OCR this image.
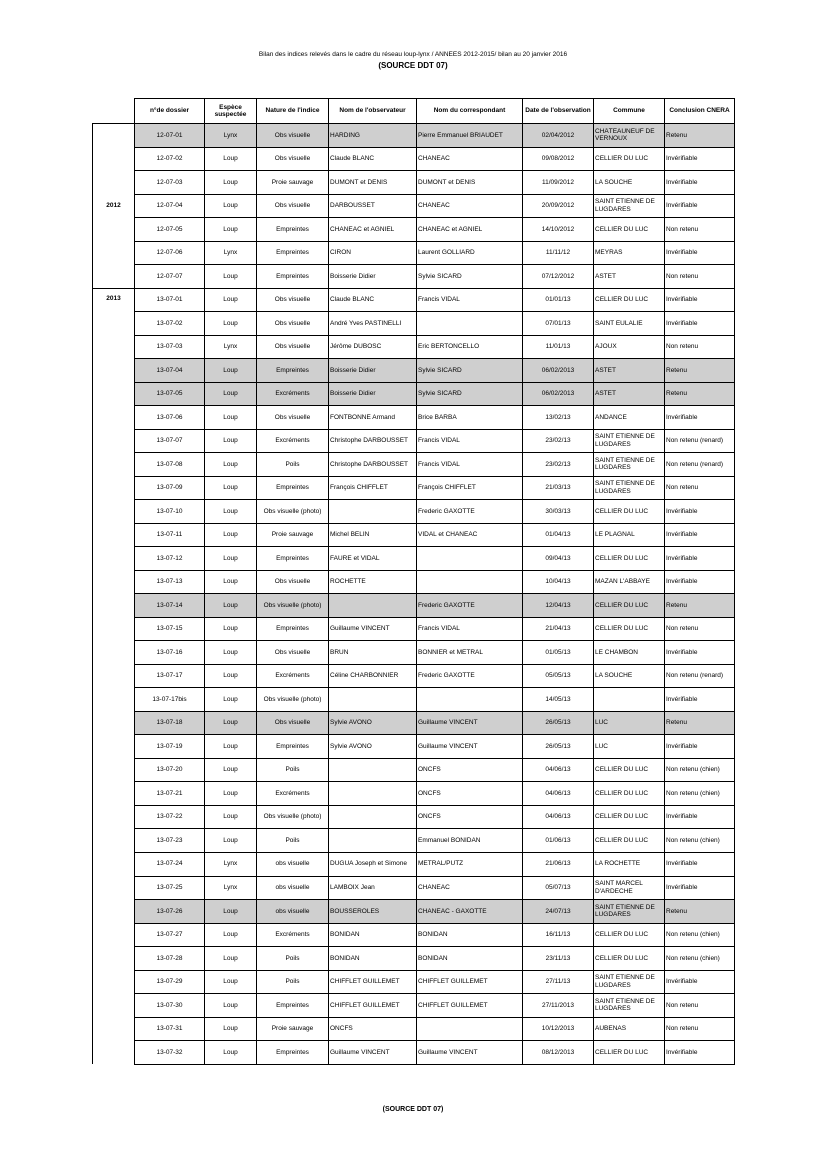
Bilan des indices relevés dans le cadre du réseau loup-lynx / ANNEES 2012-2015/ bilan au 20 janvier 2016
(SOURCE DDT 07)
	n°de dossier	Espèce suspectée	Nature de l'indice	Nom de l'observateur	Nom du correspondant	Date de l'observation	Commune	Conclusion CNERA
2012	12-07-01	Lynx	Obs visuelle	HARDING	Pierre Emmanuel BRIAUDET	02/04/2012	CHÂTEAUNEUF DE VERNOUX	Retenu

	12-07-02	Loup	Obs visuelle	Claude BLANC	CHANEAC	09/08/2012	CELLIER DU LUC	Invérifiable

	12-07-03	Loup	Proie sauvage	DUMONT et DENIS	DUMONT et DENIS	11/09/2012	LA SOUCHE	Invérifiable

	12-07-04	Loup	Obs visuelle	DARBOUSSET	CHANEAC	20/09/2012	SAINT ETIENNE DE LUGDARES	Invérifiable

	12-07-05	Loup	Empreintes	CHANEAC et AGNIEL	CHANEAC et AGNIEL	14/10/2012	CELLIER DU LUC	Non retenu

	12-07-06	Lynx	Empreintes	CIRON	Laurent GOLLIARD	11/11/12	MEYRAS	Invérifiable

	12-07-07	Loup	Empreintes	Boisserie Didier	Sylvie SICARD	07/12/2012	ASTET	Non retenu

2013	13-07-01	Loup	Obs visuelle	Claude BLANC	Francis VIDAL	01/01/13	CELLIER DU LUC	Invérifiable

	13-07-02	Loup	Obs visuelle	André Yves PASTINELLI		07/01/13	SAINT EULALIE	Invérifiable

	13-07-03	Lynx	Obs visuelle	Jérôme DUBOSC	Eric BERTONCELLO	11/01/13	AJOUX	Non retenu

	13-07-04	Loup	Empreintes	Boisserie Didier	Sylvie SICARD	06/02/2013	ASTET	Retenu

	13-07-05	Loup	Excréments	Boisserie Didier	Sylvie SICARD	06/02/2013	ASTET	Retenu

	13-07-06	Loup	Obs visuelle	FONTBONNE Armand	Brice BARBA	13/02/13	ANDANCE	Invérifiable

	13-07-07	Loup	Excréments	Christophe DARBOUSSET	Francis VIDAL	23/02/13	SAINT ETIENNE DE LUGDARES	Non retenu (renard)

	13-07-08	Loup	Poils	Christophe DARBOUSSET	Francis VIDAL	23/02/13	SAINT ETIENNE DE LUGDARES	Non retenu (renard)

	13-07-09	Loup	Empreintes	François CHIFFLET	François CHIFFLET	21/03/13	SAINT ETIENNE DE LUGDARES	Non retenu

	13-07-10	Loup	Obs visuelle (photo)		Frederic GAXOTTE	30/03/13	CELLIER DU LUC	Invérifiable

	13-07-11	Loup	Proie sauvage	Michel BELIN	VIDAL et CHANEAC	01/04/13	LE PLAGNAL	Invérifiable

	13-07-12	Loup	Empreintes	FAURE et VIDAL		09/04/13	CELLIER DU LUC	Invérifiable

	13-07-13	Loup	Obs visuelle	ROCHETTE		10/04/13	MAZAN L'ABBAYE	Invérifiable

	13-07-14	Loup	Obs visuelle (photo)		Frederic GAXOTTE	12/04/13	CELLIER DU LUC	Retenu

	13-07-15	Loup	Empreintes	Guillaume VINCENT	Francis VIDAL	21/04/13	CELLIER DU LUC	Non retenu

	13-07-16	Loup	Obs visuelle	BRUN	BONNIER et METRAL	01/05/13	LE CHAMBON	Invérifiable

	13-07-17	Loup	Excréments	Céline CHARBONNIER	Frederic GAXOTTE	05/05/13	LA SOUCHE	Non retenu (renard)

	13-07-17bis	Loup	Obs visuelle (photo)			14/05/13		Invérifiable

	13-07-18	Loup	Obs visuelle	Sylvie AVONO	Guillaume VINCENT	26/05/13	LUC	Retenu

	13-07-19	Loup	Empreintes	Sylvie AVONO	Guillaume VINCENT	26/05/13	LUC	Invérifiable

	13-07-20	Loup	Poils		ONCFS	04/06/13	CELLIER DU LUC	Non retenu (chien)

	13-07-21	Loup	Excréments		ONCFS	04/06/13	CELLIER DU LUC	Non retenu (chien)

	13-07-22	Loup	Obs visuelle (photo)		ONCFS	04/06/13	CELLIER DU LUC	Invérifiable

	13-07-23	Loup	Poils		Emmanuel BONIDAN	01/06/13	CELLIER DU LUC	Non retenu (chien)

	13-07-24	Lynx	obs visuelle	DUGUA Joseph et Simone	METRAL/PUTZ	21/06/13	LA ROCHETTE	Invérifiable

	13-07-25	Lynx	obs visuelle	LAMBOIX Jean	CHANEAC	05/07/13	SAINT MARCEL D'ARDECHE	Invérifiable

	13-07-26	Loup	obs visuelle	BOUSSEROLES	CHANEAC - GAXOTTE	24/07/13	SAINT ETIENNE DE LUGDARES	Retenu

	13-07-27	Loup	Excréments	BONIDAN	BONIDAN	16/11/13	CELLIER DU LUC	Non retenu (chien)

	13-07-28	Loup	Poils	BONIDAN	BONIDAN	23/11/13	CELLIER DU LUC	Non retenu (chien)

	13-07-29	Loup	Poils	CHIFFLET GUILLEMET	CHIFFLET GUILLEMET	27/11/13	SAINT ETIENNE DE LUGDARES	Invérifiable

	13-07-30	Loup	Empreintes	CHIFFLET GUILLEMET	CHIFFLET GUILLEMET	27/11/2013	SAINT ETIENNE DE LUGDARES	Non retenu

	13-07-31	Loup	Proie sauvage	ONCFS		10/12/2013	AUBENAS	Non retenu

	13-07-32	Loup	Empreintes	Guillaume VINCENT	Guillaume VINCENT	08/12/2013	CELLIER DU LUC	Invérifiable
(SOURCE DDT 07)
